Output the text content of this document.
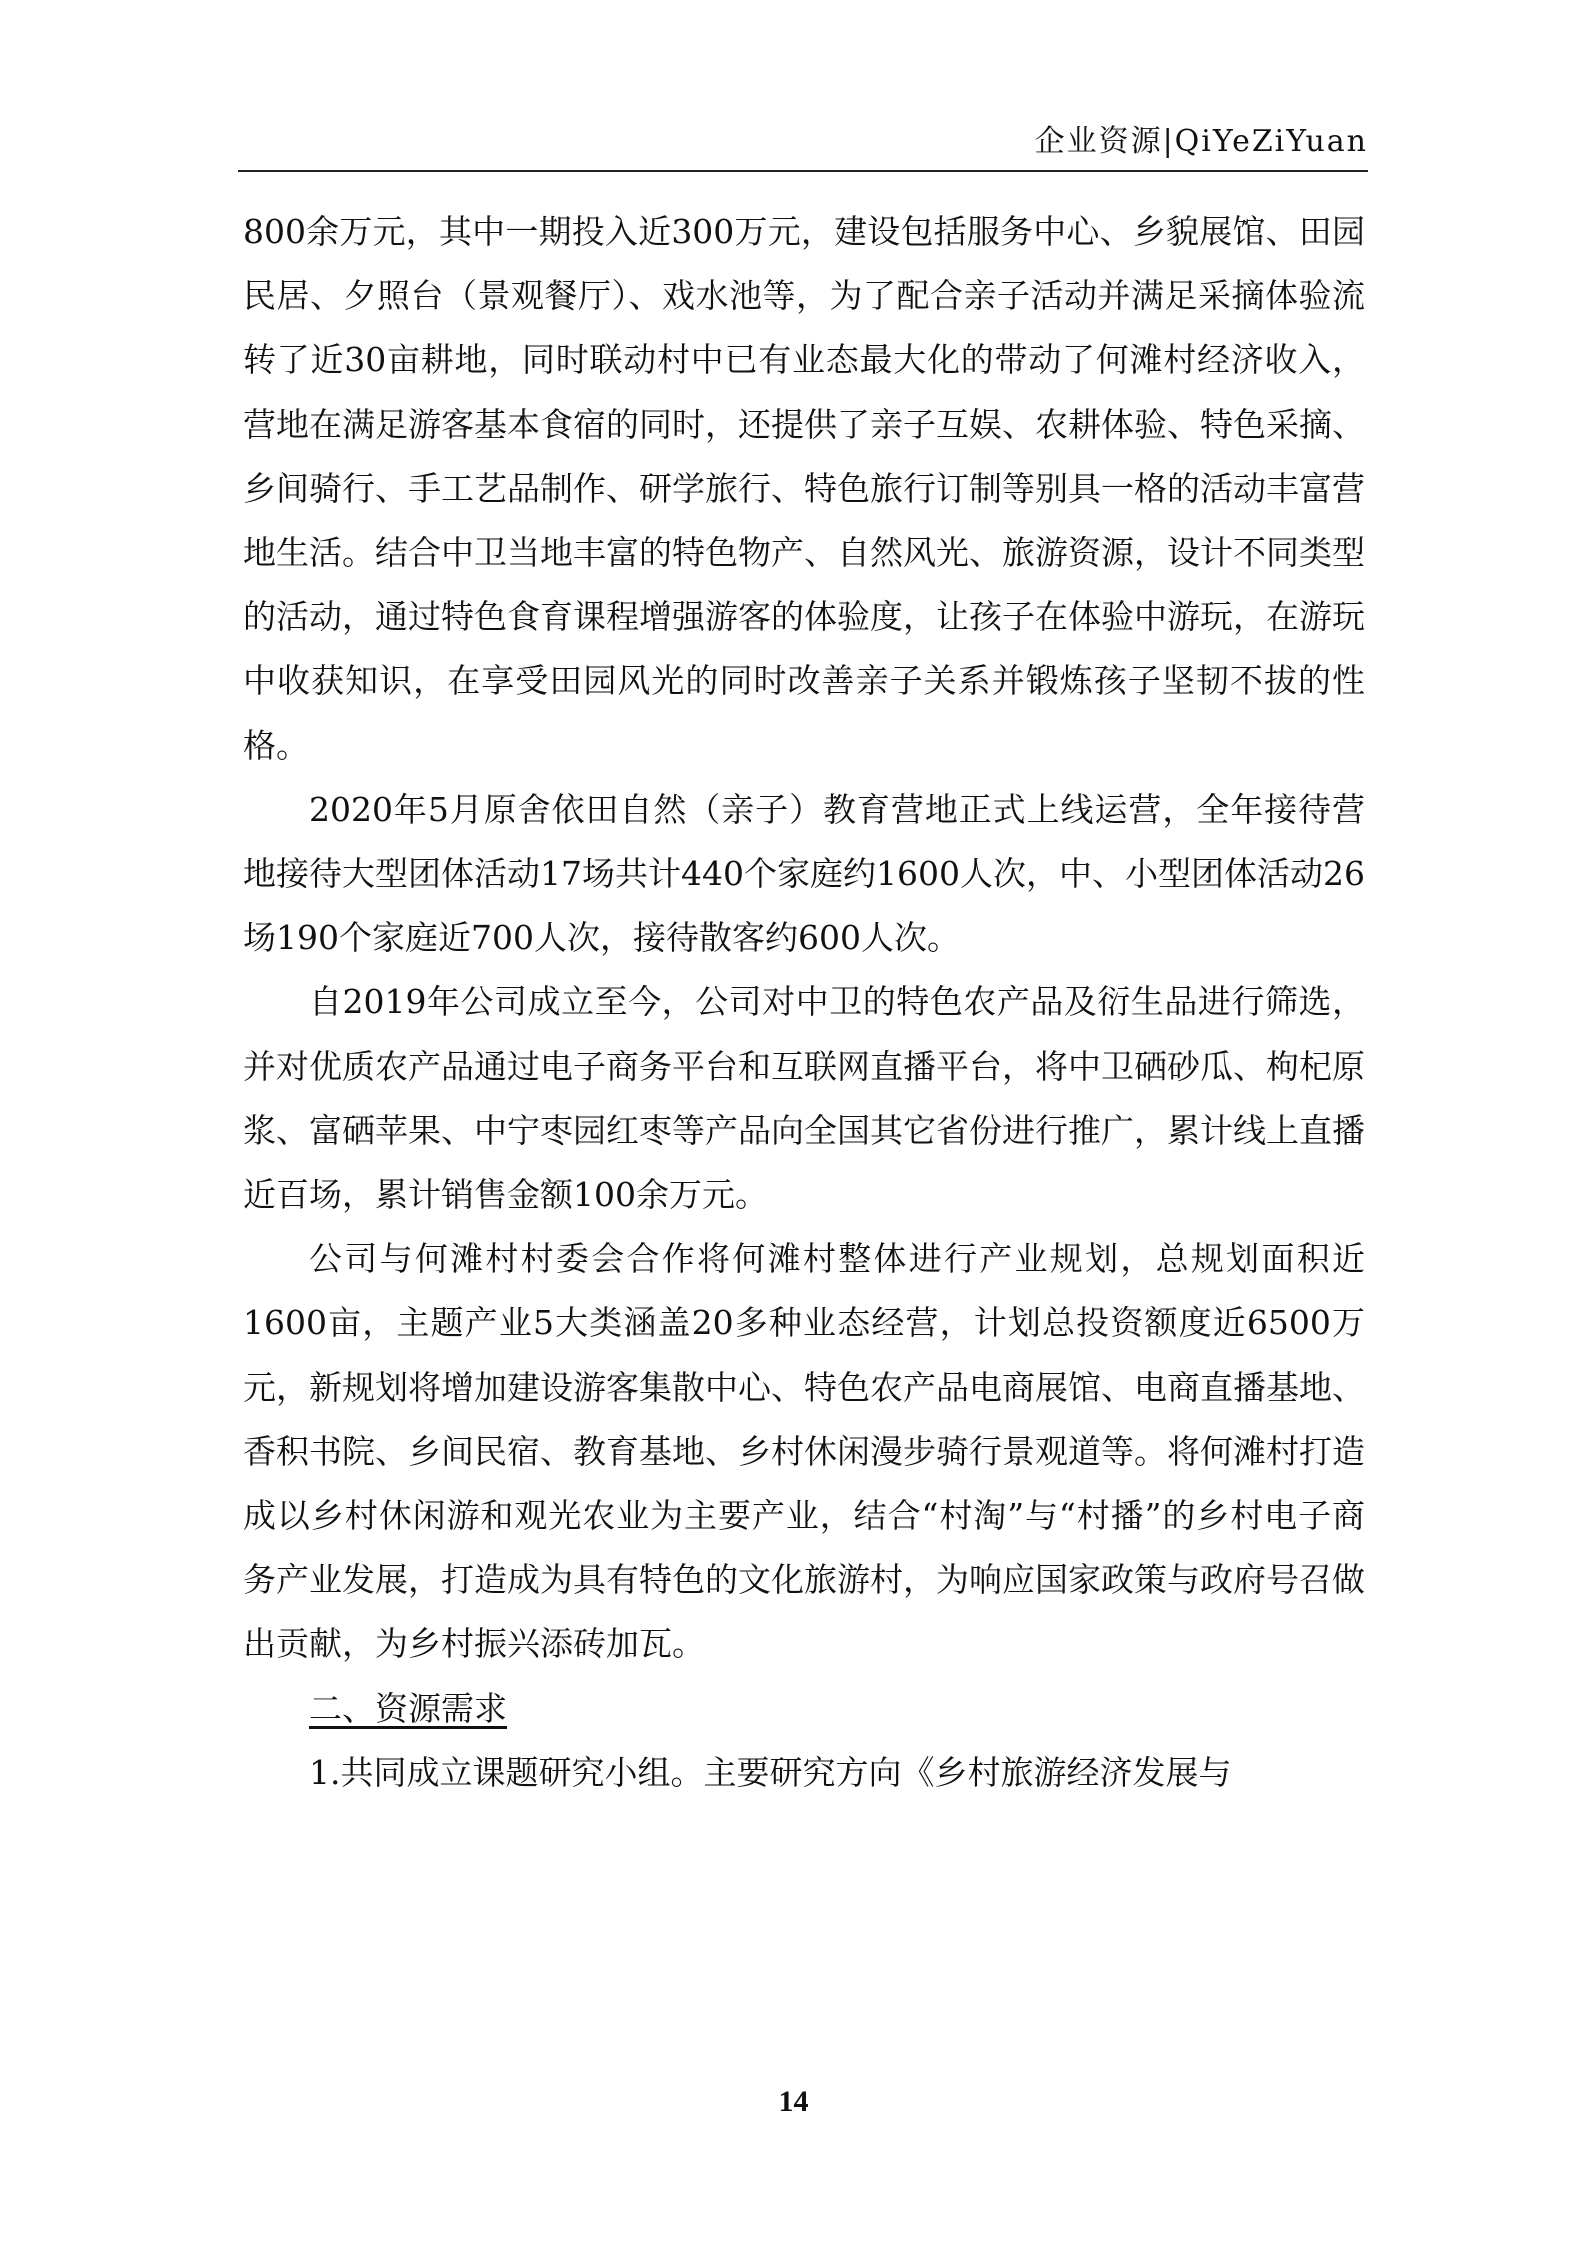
企业资源|QiYeZiYuan

800余万元，其中一期投入近300万元，建设包括服务中心、乡貌展馆、田园民居、夕照台（景观餐厅）、戏水池等，为了配合亲子活动并满足采摘体验流转了近30亩耕地，同时联动村中已有业态最大化的带动了何滩村经济收入，营地在满足游客基本食宿的同时，还提供了亲子互娱、农耕体验、特色采摘、乡间骑行、手工艺品制作、研学旅行、特色旅行订制等别具一格的活动丰富营地生活。结合中卫当地丰富的特色物产、自然风光、旅游资源，设计不同类型的活动，通过特色食育课程增强游客的体验度，让孩子在体验中游玩，在游玩中收获知识，在享受田园风光的同时改善亲子关系并锻炼孩子坚韧不拔的性格。

2020年5月原舍依田自然（亲子）教育营地正式上线运营，全年接待营地接待大型团体活动17场共计440个家庭约1600人次，中、小型团体活动26场190个家庭近700人次，接待散客约600人次。

自2019年公司成立至今，公司对中卫的特色农产品及衍生品进行筛选，并对优质农产品通过电子商务平台和互联网直播平台，将中卫硒砂瓜、枸杞原浆、富硒苹果、中宁枣园红枣等产品向全国其它省份进行推广，累计线上直播近百场，累计销售金额100余万元。

公司与何滩村村委会合作将何滩村整体进行产业规划，总规划面积近1600亩，主题产业5大类涵盖20多种业态经营，计划总投资额度近6500万元，新规划将增加建设游客集散中心、特色农产品电商展馆、电商直播基地、香积书院、乡间民宿、教育基地、乡村休闲漫步骑行景观道等。将何滩村打造成以乡村休闲游和观光农业为主要产业，结合“村淘”与“村播”的乡村电子商务产业发展，打造成为具有特色的文化旅游村，为响应国家政策与政府号召做出贡献，为乡村振兴添砖加瓦。

二、资源需求

1.共同成立课题研究小组。主要研究方向《乡村旅游经济发展与

14
